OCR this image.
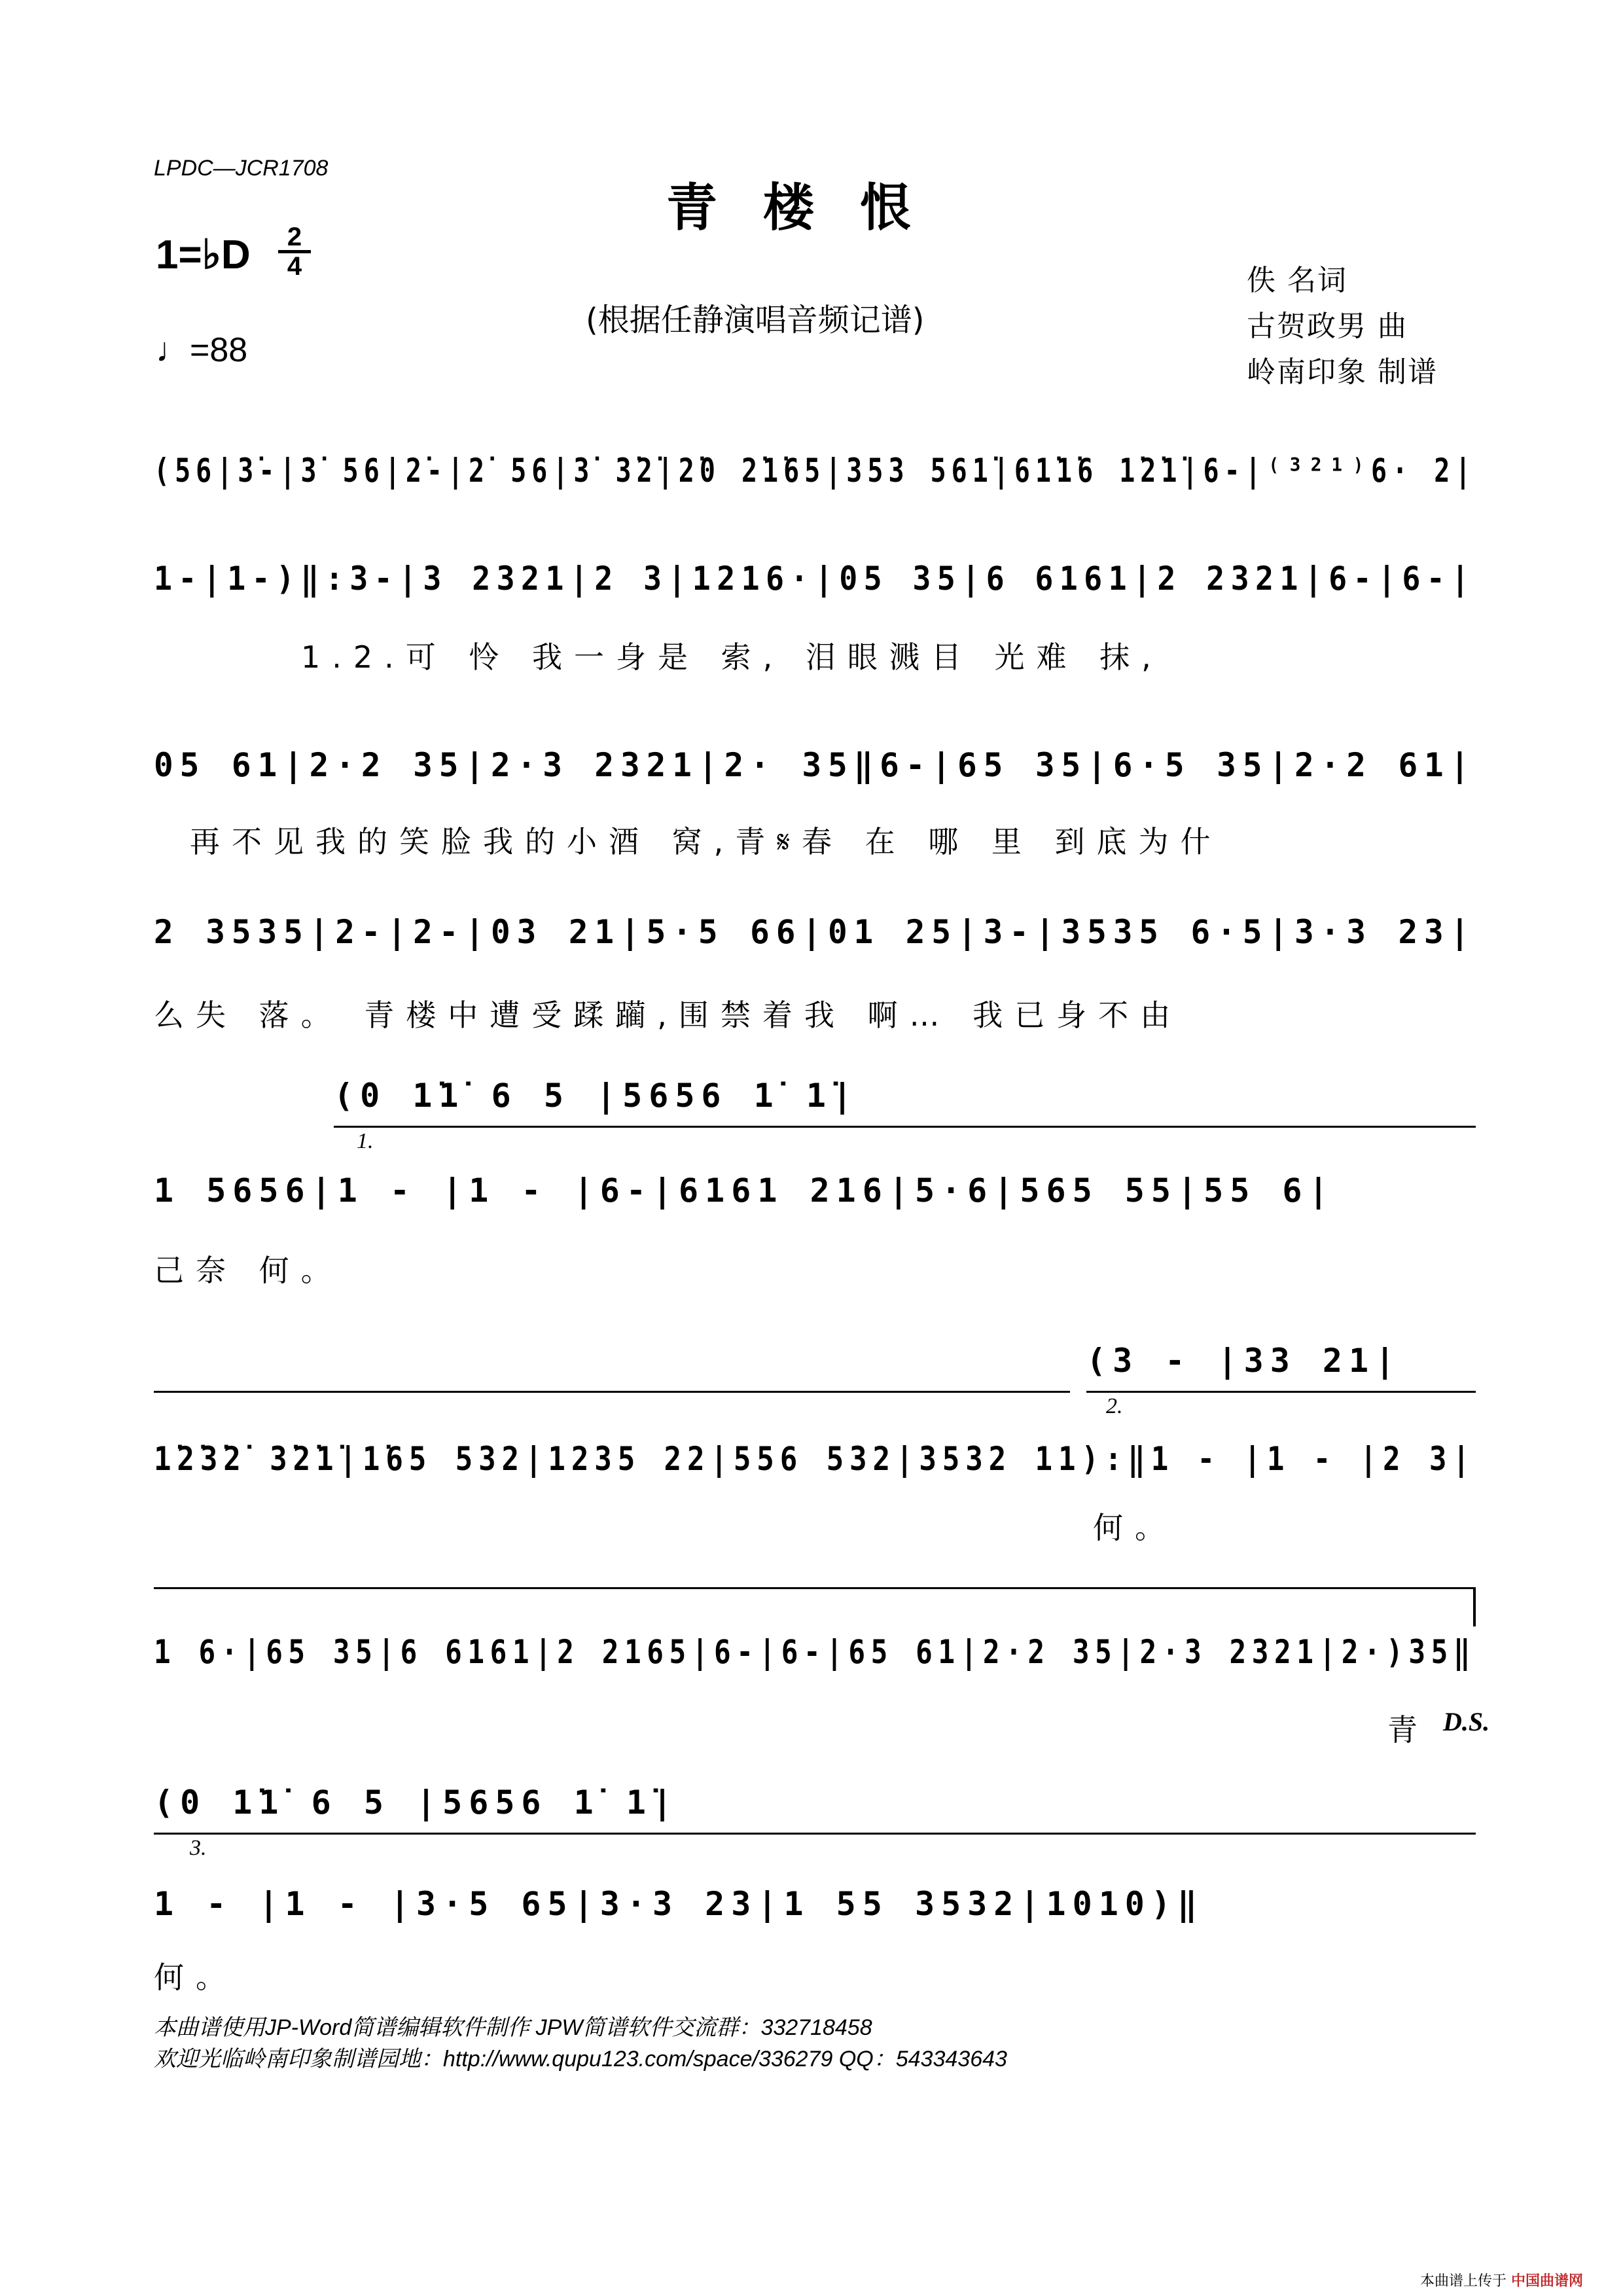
LPDC—JCR1708
青楼恨
1=♭D	2
4
♩=88
(根据任静演唱音频记谱)
佚 名词
古贺政男 曲
岭南印象 制谱
(56|3̇-|3̇ 56|2̇-|2̇ 56|3̇ 3̇2̇|2̇0 2̇1̇65|353 561̇|61̇1̇6 1̇2̇1̇|6-|⁽³²¹⁾6· 2|
1-|1-)‖:3-|3 2321|2 3|1216·|05 35|6 6161|2 2321|6-|6-|
1.2.可 怜 我一身是 索, 泪眼溅目 光难 抹,
05 61|2·2 35|2·3 2321|2· 35‖6-|65 35|6·5 35|2·2 61|
再不见我的笑脸我的小酒 窝,青𝄋春 在 哪 里 到底为什
2 3535|2-|2-|03 21|5·5 66|01 25|3-|3535 6·5|3·3 23|
么失 落。 青楼中遭受蹂躏,围禁着我 啊… 我已身不由
(0 1̇1̇ 6 5 |5656 1̇ 1̇|
1.
1 5656|1 - |1 - |6-|6161 216|5·6|565 55|55 6|
己奈 何。
(3 - |33 21|
2.
1̇2̇3̇2̇ 3̇2̇1̇|1̇65 532|1235 22|556 532|3532 11):‖1 - |1 - |2 3|
何。
1 6·|65 35|6 6161|2 2165|6-|6-|65 61|2·2 35|2·3 2321|2·)35‖
青 D.S.
(0 1̇1̇ 6 5 |5656 1̇ 1̇|
3.
1 - |1 - |3·5 65|3·3 23|1 55 3532|1010)‖
何。
本曲谱使用JP-Word简谱编辑软件制作 JPW简谱软件交流群：332718458
欢迎光临岭南印象制谱园地：http://www.qupu123.com/space/336279 QQ：543343643
本曲谱上传于 中国曲谱网
